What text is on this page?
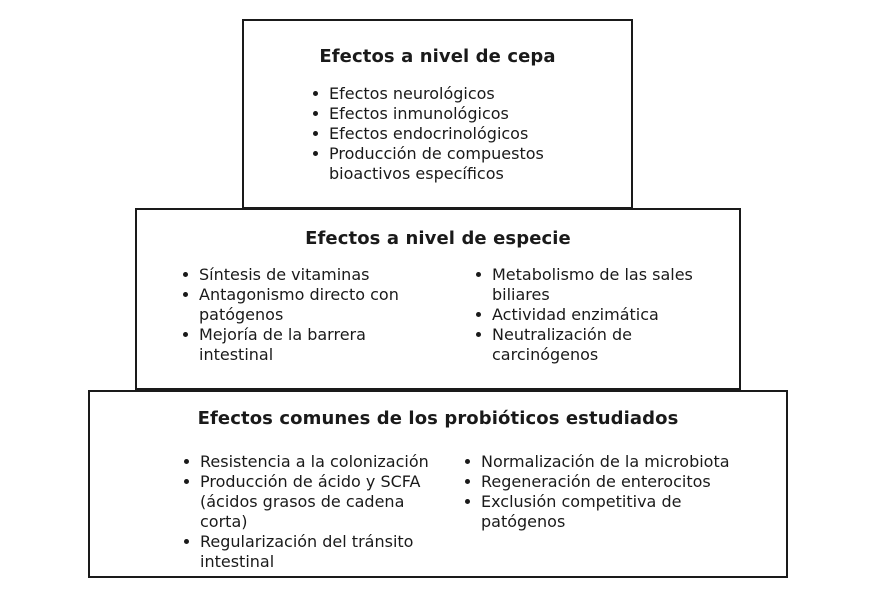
Efectos a nivel de cepa
Efectos neurológicos
Efectos inmunológicos
Efectos endocrinológicos
Producción de compuestos bioactivos específicos
Efectos a nivel de especie
Síntesis de vitaminas
Antagonismo directo con patógenos
Mejoría de la barrera intestinal
Metabolismo de las sales biliares
Actividad enzimática
Neutralización de carcinógenos
Efectos comunes de los probióticos estudiados
Resistencia a la colonización
Producción de ácido y SCFA (ácidos grasos de cadena corta)
Regularización del tránsito intestinal
Normalización de la microbiota
Regeneración de enterocitos
Exclusión competitiva de patógenos
